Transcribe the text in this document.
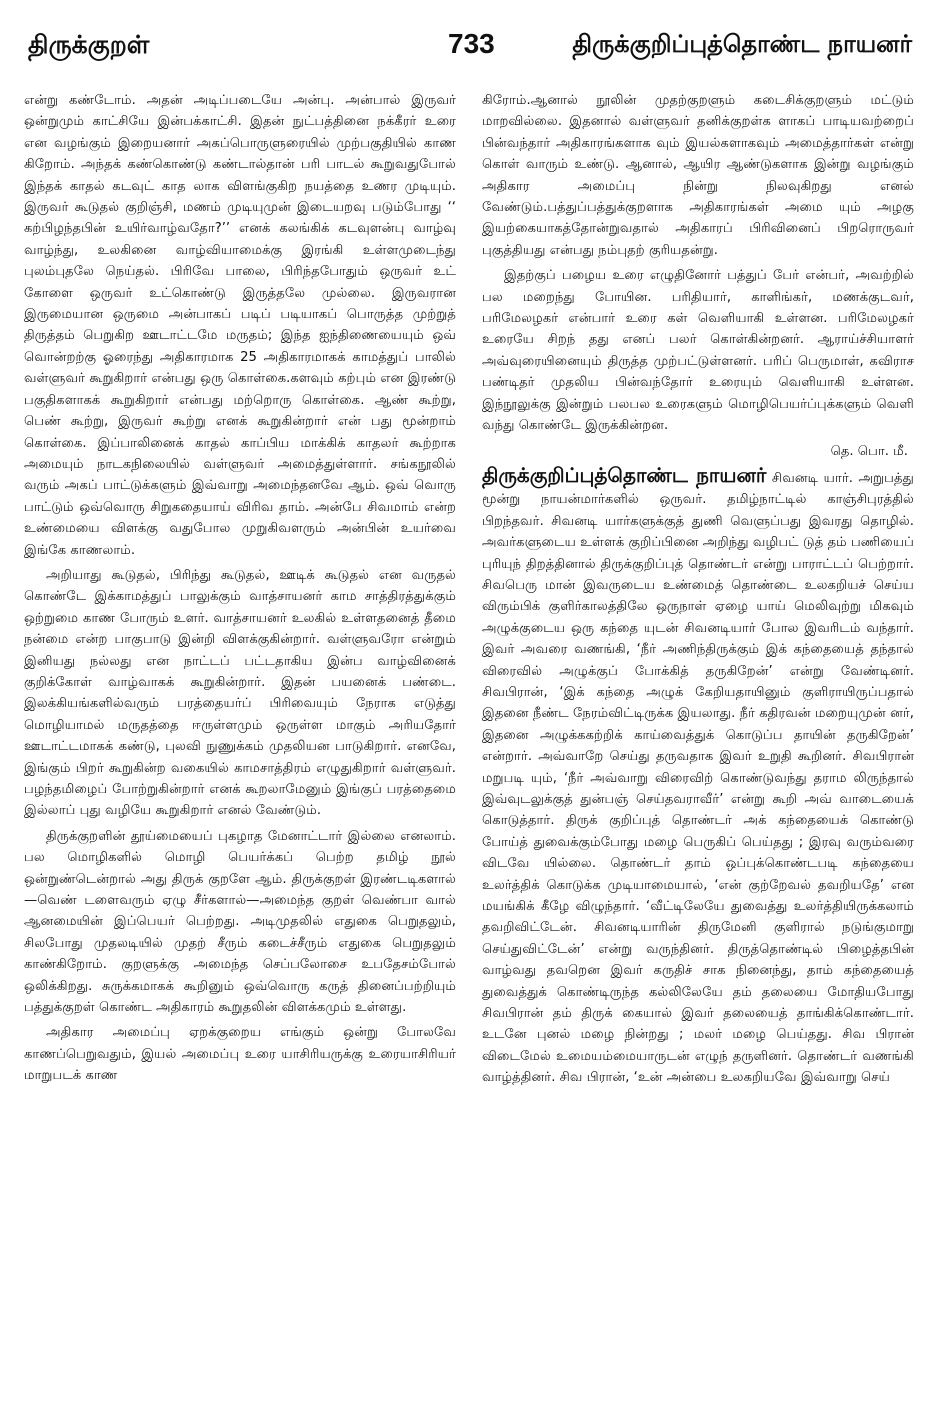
திருக்குறள்	733	திருக்குறிப்புத்தொண்ட நாயனர்

என்று கண்டோம். அதன் அடிப்படையே அன்பு. அன்பால் இருவர் ஒன்றுமும் காட்சியே இன்பக்காட்சி. இதன் நுட்பத்தினை நக்கீரர் உரை என வழங்கும் இறையனார் அகப்பொருளுரையில் முற்பகுதியில் காண கிறோம். அந்தக் கண்கொண்டு கண்டால்தான் பரி பாடல் கூறுவதுபோல் இந்தக் காதல் கடவுட் காத லாக விளங்குகிற நயத்தை உணர முடியும். இருவர் கூடுதல் குறிஞ்சி, மணம் முடியுமுன் இடையறவு படும்போது ‘‘ கற்பிழந்தபின் உயிர்வாழ்வதோ?’’ எனக் கலங்கிக் கடவுளன்பு வாழ்வு வாழ்ந்து, உலகினை வாழ்வியாமைக்கு இரங்கி உள்ளமுடைந்து புலம்புதலே நெய்தல். பிரிவே பாலை, பிரிந்தபோதும் ஒருவர் உட் கோளை ஒருவர் உட்கொண்டு இருத்தலே முல்லை. இருவரான இருமையான ஒருமை அன்பாகப் படிப் படியாகப் பொருத்த முற்றுத் திருத்தம் பெறுகிற ஊடாட்டமே மருதம்; இந்த ஐந்திணையையும் ஒவ் வொன்றற்கு ஓரைந்து அதிகாரமாக 25 அதிகாரமாகக் காமத்துப் பாலில் வள்ளுவர் கூறுகிறார் என்பது ஒரு கொள்கை.களவும் கற்பும் என இரண்டு பகுதிகளாகக் கூறுகிறார் என்பது மற்றொரு கொள்கை. ஆண் கூற்று, பெண் கூற்று, இருவர் கூற்று எனக் கூறுகின்றார் என் பது மூன்றாம் கொள்கை. இப்பாலினைக் காதல் காப்பிய மாக்கிக் காதலர் கூற்றாக அமையும் நாடகநிலையில் வள்ளுவர் அமைத்துள்ளார். சங்கநூலில் வரும் அகப் பாட்டுக்களும் இவ்வாறு அமைந்தனவே ஆம். ஒவ் வொரு பாட்டும் ஒவ்வொரு சிறுகதையாய் விரிவ தாம். அன்பே சிவமாம் என்ற உண்மையை விளக்கு வதுபோல முறுகிவளரும் அன்பின் உயர்வை இங்கே காணலாம்.

அறியாது கூடுதல், பிரிந்து கூடுதல், ஊடிக் கூடுதல் என வருதல் கொண்டே இக்காமத்துப் பாலுக்கும் வாத்சாயனர் காம சாத்திரத்துக்கும் ஒற்றுமை காண போரும் உளர். வாத்சாயனர் உலகில் உள்ளதனைத் தீமை நன்மை என்ற பாகுபாடு இன்றி விளக்குகின்றார். வள்ளுவரோ என்றும் இனியது நல்லது என நாட்டப் பட்டதாகிய இன்ப வாழ்வினைக் குறிக்கோள் வாழ்வாகக் கூறுகின்றார். இதன் பயனைக் பண்டை. இலக்கியங்களில்வரும் பரத்தையர்ப் பிரிவையும் நேராக எடுத்து மொழியாமல் மருதத்தை ஈருள்ளமும் ஒருள்ள மாகும் அரியதோர் ஊடாட்டமாகக் கண்டு, புலவி நுணுக்கம் முதலியன பாடுகிறார். எனவே, இங்கும் பிறர் கூறுகின்ற வகையில் காமசாத்திரம் எழுதுகிறார் வள்ளுவர். பழந்தமிழைப் போற்றுகின்றார் எனக் கூறலாமேனும் இங்குப் பரத்தைமை இல்லாப் புது வழியே கூறுகிறார் எனல் வேண்டும்.

திருக்குறளின் தூய்மையைப் புகழாத மேனாட்டார் இல்லை எனலாம். பல மொழிகளில் மொழி பெயர்க்கப் பெற்ற தமிழ் நூல் ஒன்றுண்டென்றால் அது திருக் குறளே ஆம். திருக்குறள் இரண்டடிகளால்—வெண் டளைவரும் ஏழு சீர்களால்—அமைந்த குறள் வெண்பா வால் ஆனமையின் இப்பெயர் பெற்றது. அடிமுதலில் எதுகை பெறுதலும், சிலபோது முதலடியில் முதற் சீரும் கடைச்சீரும் எதுகை பெறுதலும் காண்கிறோம். குறளுக்கு அமைந்த செப்பலோசை உபதேசம்போல் ஒலிக்கிறது. சுருக்கமாகக் கூறினும் ஒவ்வொரு கருத் தினைப்பற்றியும் பத்துக்குறள் கொண்ட அதிகாரம் கூறுதலின் விளக்கமும் உள்ளது.

அதிகார அமைப்பு ஏறக்குறைய எங்கும் ஒன்று போலவே காணப்பெறுவதும், இயல் அமைப்பு உரை யாசிரியருக்கு உரையாசிரியர் மாறுபடக் காண

கிரோம்.ஆனால் நூலின் முதற்குறளும் கடைசிக்குறளும் மட்டும் மாறவில்லை. இதனால் வள்ளுவர் தனிக்குறள்க ளாகப் பாடியவற்றைப் பின்வந்தார் அதிகாரங்களாக வும் இயல்களாகவும் அமைத்தார்கள் என்று கொள் வாரும் உண்டு. ஆனால், ஆயிர ஆண்டுகளாக இன்று வழங்கும் அதிகார அமைப்பு நின்று நிலவுகிறது எனல் வேண்டும்.பத்துப்பத்துக்குறளாக அதிகாரங்கள் அமை யும் அழகு இயற்கையாகத்தோன்றுவதால் அதிகாரப் பிரிவினைப் பிறரொருவர் புகுத்தியது என்பது நம்புதற் குரியதன்று.

இதற்குப் பழைய உரை எழுதினோர் பத்துப் பேர் என்பர், அவற்றில் பல மறைந்து போயின. பரிதியார், காளிங்கர், மணக்குடவர், பரிமேலழகர் என்பார் உரை கள் வெளியாகி உள்ளன. பரிமேலழகர் உரையே சிறந் தது எனப் பலர் கொள்கின்றனர். ஆராய்ச்சியாளர் அவ்வுரையினையும் திருத்த முற்பட்டுள்ளனர். பரிப் பெருமாள், கவிராச பண்டிதர் முதலிய பின்வந்தோர் உரையும் வெளியாகி உள்ளன. இந்நூலுக்கு இன்றும் பலபல உரைகளும் மொழிபெயர்ப்புக்களும் வெளி வந்து கொண்டே இருக்கின்றன.

தெ. பொ. மீ.

திருக்குறிப்புத்தொண்ட நாயனர் சிவனடி யார். அறுபத்து மூன்று நாயன்மார்களில் ஒருவர். தமிழ்நாட்டில் காஞ்சிபுரத்தில் பிறந்தவர். சிவனடி யார்களுக்குத் துணி வெளுப்பது இவரது தொழில். அவர்களுடைய உள்ளக் குறிப்பினை அறிந்து வழிபட் டுத் தம் பணியைப் புரியுந் திறத்தினால் திருக்குறிப்புத் தொண்டர் என்று பாராட்டப் பெற்றார். சிவபெரு மான் இவருடைய உண்மைத் தொண்டை உலகறியச் செய்ய விரும்பிக் குளிர்காலத்திலே ஒருநாள் ஏழை யாய் மெலிவுற்று மிகவும் அழுக்குடைய ஒரு கந்தை யுடன் சிவனடியார் போல இவரிடம் வந்தார். இவர் அவரை வணங்கி, ‘நீர் அணிந்திருக்கும் இக் கந்தையைத் தந்தால் விரைவில் அழுக்குப் போக்கித் தருகிறேன்’ என்று வேண்டினர். சிவபிரான், ‘இக் கந்தை அழுக் கேறியதாயினும் குளிராயிருப்பதால் இதனை நீண்ட நேரம்விட்டிருக்க இயலாது. நீர் கதிரவன் மறையுமுன் னர், இதனை அழுக்ககற்றிக் காய்வைத்துக் கொடுப்ப தாயின் தருகிறேன்’ என்றார். அவ்வாறே செய்து தருவதாக இவர் உறுதி கூறினர். சிவபிரான் மறுபடி யும், ‘நீர் அவ்வாறு விரைவிற் கொண்டுவந்து தராம லிருந்தால் இவ்வுடலுக்குத் துன்பஞ் செய்தவராவீர்’ என்று கூறி அவ் வாடையைக் கொடுத்தார். திருக் குறிப்புத் தொண்டர் அக் கந்தையைக் கொண்டு போய்த் துவைக்கும்போது மழை பெருகிப் பெய்தது ; இரவு வரும்வரை விடவே யில்லை. தொண்டர் தாம் ஒப்புக்கொண்டபடி கந்தையை உலர்த்திக் கொடுக்க முடியாமையால், ‘என் குற்றேவல் தவறியதே’ என மயங்கிக் கீழே விழுந்தார். ‘வீட்டிலேயே துவைத்து உலர்த்தியிருக்கலாம் தவறிவிட்டேன். சிவனடியாரின் திருமேனி குளிரால் நடுங்குமாறு செய்துவிட்டேன்’ என்று வருந்தினர். திருத்தொண்டில் பிழைத்தபின் வாழ்வது தவறென இவர் கருதிச் சாக நினைந்து, தாம் கந்தையைத் துவைத்துக் கொண்டிருந்த கல்லிலேயே தம் தலையை மோதியபோது சிவபிரான் தம் திருக் கையால் இவர் தலையைத் தாங்கிக்கொண்டார். உடனே புனல் மழை நின்றது ; மலர் மழை பெய்தது. சிவ பிரான் விடைமேல் உமையம்மையாருடன் எழுந் தருளினர். தொண்டர் வணங்கி வாழ்த்தினர். சிவ பிரான், ‘உன் அன்பை உலகறியவே இவ்வாறு செய்
